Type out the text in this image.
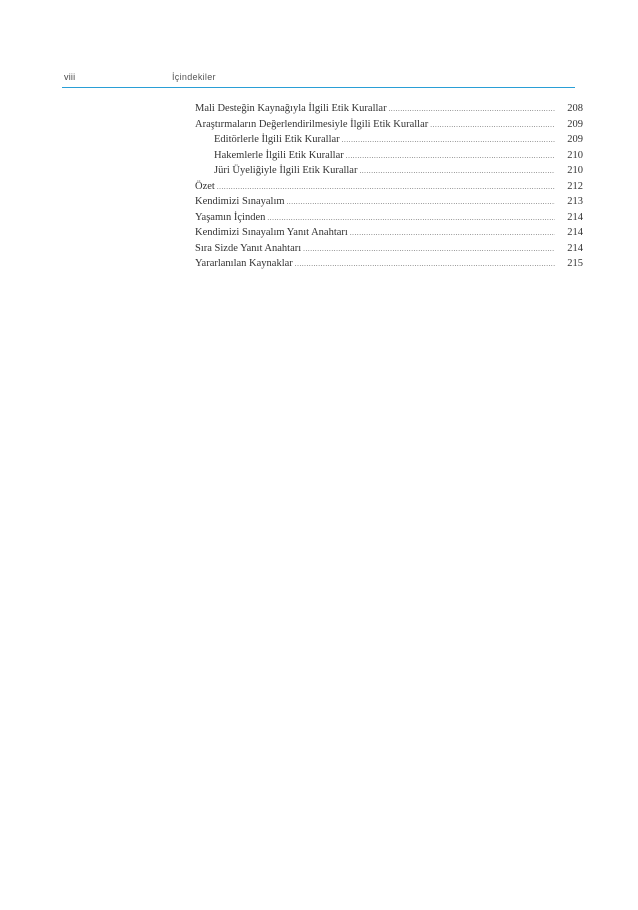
viii	İçindekiler
Mali Desteğin Kaynağıyla İlgili Etik Kurallar .....	208
Araştırmaların Değerlendirilmesiyle İlgili Etik Kurallar .....	209
Editörlerle İlgili Etik Kurallar .....	209
Hakemlerle İlgili Etik Kurallar .....	210
Jüri Üyeliğiyle İlgili Etik Kurallar .....	210
Özet .....	212
Kendimizi Sınayalım .....	213
Yaşamın İçinden .....	214
Kendimizi Sınayalım Yanıt Anahtarı .....	214
Sıra Sizde Yanıt Anahtarı .....	214
Yararlanılan Kaynaklar .....	215
